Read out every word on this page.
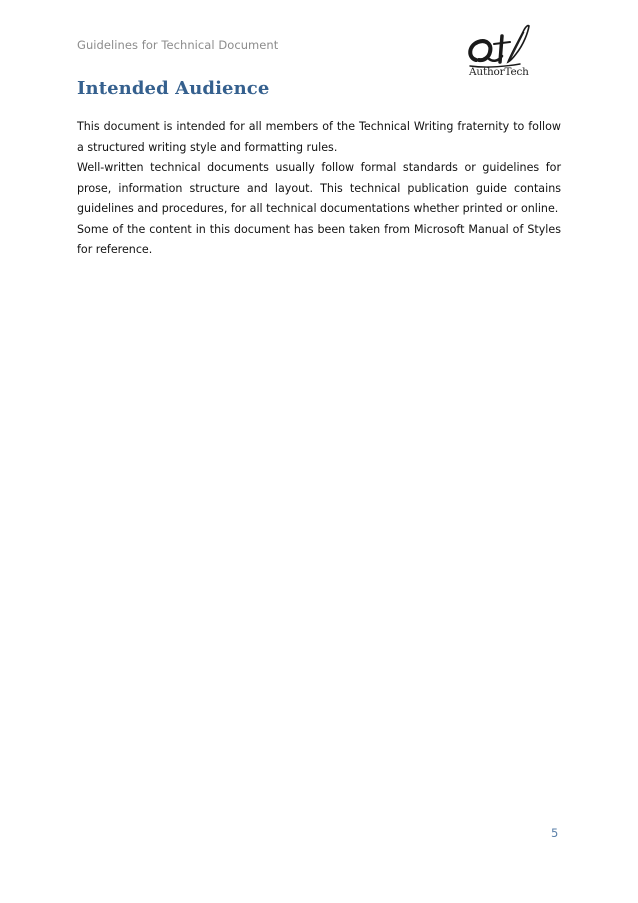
Guidelines for Technical Document
AuthorTech
Intended Audience

This document is intended for all members of the Technical Writing fraternity to follow a structured writing style and formatting rules.

Well-written technical documents usually follow formal standards or guidelines for prose, information structure and layout. This technical publication guide contains guidelines and procedures, for all technical documentations whether printed or online.

Some of the content in this document has been taken from Microsoft Manual of Styles for reference.

5
